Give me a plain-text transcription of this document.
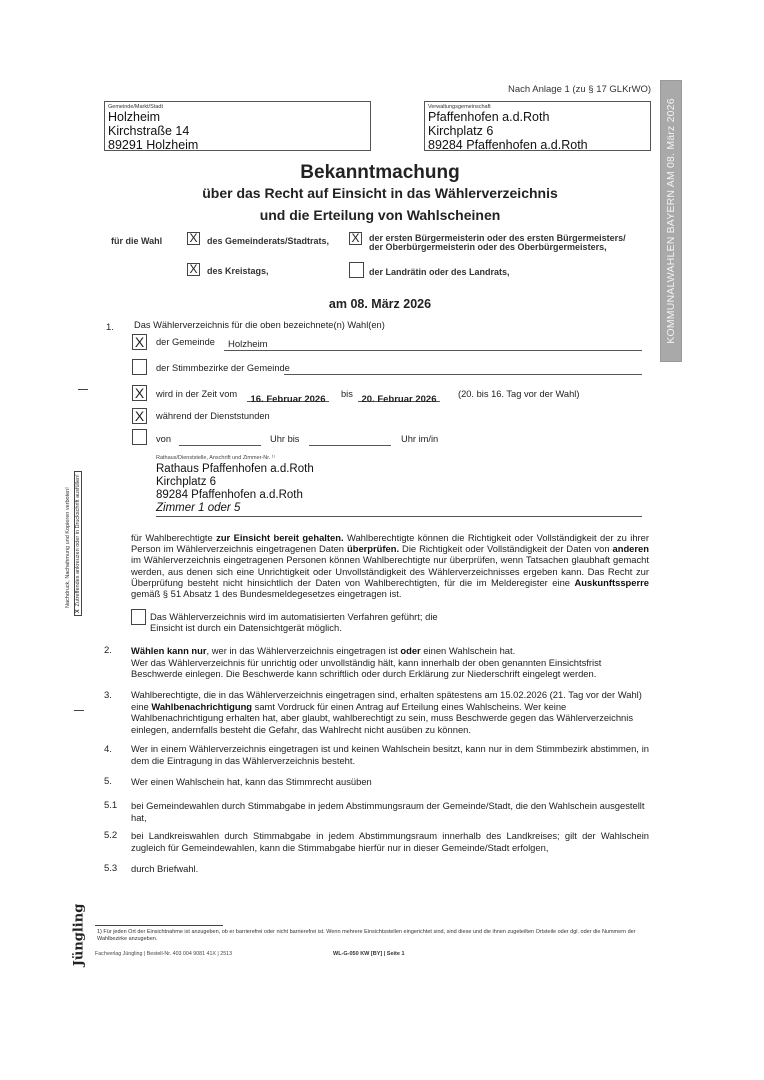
Nach Anlage 1 (zu § 17 GLKrWO)
Gemeinde/Markt/Stadt
Holzheim
Kirchstraße 14
89291 Holzheim
Verwaltungsgemeinschaft
Pfaffenhofen a.d.Roth
Kirchplatz 6
89284 Pfaffenhofen a.d.Roth	KOMMUNALWAHLEN BAYERN AM 08. März 2026
Bekanntmachung
über das Recht auf Einsicht in das Wählerverzeichnis
und die Erteilung von Wahlscheinen
für die Wahl X des Gemeinderats/Stadtrats, X der ersten Bürgermeisterin oder des ersten Bürgermeisters/
der Oberbürgermeisterin oder des Oberbürgermeisters,
X des Kreistags,	der Landrätin oder des Landrats,
am 08. März 2026
1. Das Wählerverzeichnis für die oben bezeichnete(n) Wahl(en)
X	der Gemeinde Holzheim
der Stimmbezirke der Gemeinde
X	wird in der Zeit vom	16. Februar 2026	bis 20. Februar 2026	(20. bis 16. Tag vor der Wahl)
X	während der Dienststunden
von	Uhr bis	Uhr im/in
Rathaus/Dienststelle, Anschrift und Zimmer-Nr. ¹⁾
Rathaus Pfaffenhofen a.d.Roth
Kirchplatz 6
89284 Pfaffenhofen a.d.Roth
Zimmer 1 oder 5
für Wahlberechtigte zur Einsicht bereit gehalten. Wahlberechtigte können die Richtigkeit oder Vollständigkeit der zu ihrer Person im Wählerverzeichnis eingetragenen Daten überprüfen. Die Richtigkeit oder Vollständigkeit der Daten von anderen im Wählerverzeichnis eingetragenen Personen können Wahlberechtigte nur überprüfen, wenn Tatsachen glaubhaft gemacht werden, aus denen sich eine Unrichtigkeit oder Unvollständigkeit des Wählerverzeichnisses ergeben kann. Das Recht zur Überprüfung besteht nicht hinsichtlich der Daten von Wahlberechtigten, für die im Melderegister eine Auskunftssperre gemäß § 51 Absatz 1 des Bundesmeldegesetzes eingetragen ist.
Das Wählerverzeichnis wird im automatisierten Verfahren geführt; die Einsicht ist durch ein Datensichtgerät möglich.
2. Wählen kann nur, wer in das Wählerverzeichnis eingetragen ist oder einen Wahlschein hat.
Wer das Wählerverzeichnis für unrichtig oder unvollständig hält, kann innerhalb der oben genannten Einsichtsfrist Beschwerde einlegen. Die Beschwerde kann schriftlich oder durch Erklärung zur Niederschrift eingelegt werden.
3. Wahlberechtigte, die in das Wählerverzeichnis eingetragen sind, erhalten spätestens am 15.02.2026 (21. Tag vor der Wahl) eine Wahlbenachrichtigung samt Vordruck für einen Antrag auf Erteilung eines Wahlscheins. Wer keine Wahlbenachrichtigung erhalten hat, aber glaubt, wahlberechtigt zu sein, muss Beschwerde gegen das Wählerverzeichnis einlegen, andernfalls besteht die Gefahr, das Wahlrecht nicht ausüben zu können.
4. Wer in einem Wählerverzeichnis eingetragen ist und keinen Wahlschein besitzt, kann nur in dem Stimmbezirk abstimmen, in dem die Eintragung in das Wählerverzeichnis besteht.
5. Wer einen Wahlschein hat, kann das Stimmrecht ausüben
5.1 bei Gemeindewahlen durch Stimmabgabe in jedem Abstimmungsraum der Gemeinde/Stadt, die den Wahlschein ausgestellt hat,
5.2 bei Landkreiswahlen durch Stimmabgabe in jedem Abstimmungsraum innerhalb des Landkreises; gilt der Wahlschein zugleich für Gemeindewahlen, kann die Stimmabgabe hierfür nur in dieser Gemeinde/Stadt erfolgen,
5.3 durch Briefwahl.
Nachdruck, Nachahmung und Kopieren verboten!
XZutreffendes ankreuzen oder in Druckschrift ausfüllen!
Jüngling 1) Für jeden Ort der Einsichtnahme ist anzugeben, ob er barrierefrei oder nicht barrierefrei ist. Wenn mehrere Einsichtsstellen eingerichtet sind, sind diese und die ihnen zugeteilten Ortsteile oder dgl. oder die Nummern der Wahlbezirke anzugeben.
Fachverlag Jüngling | Bestell-Nr. 403 004 9081 41X | 2513	WL-G-050 KW [BY] | Seite 1
